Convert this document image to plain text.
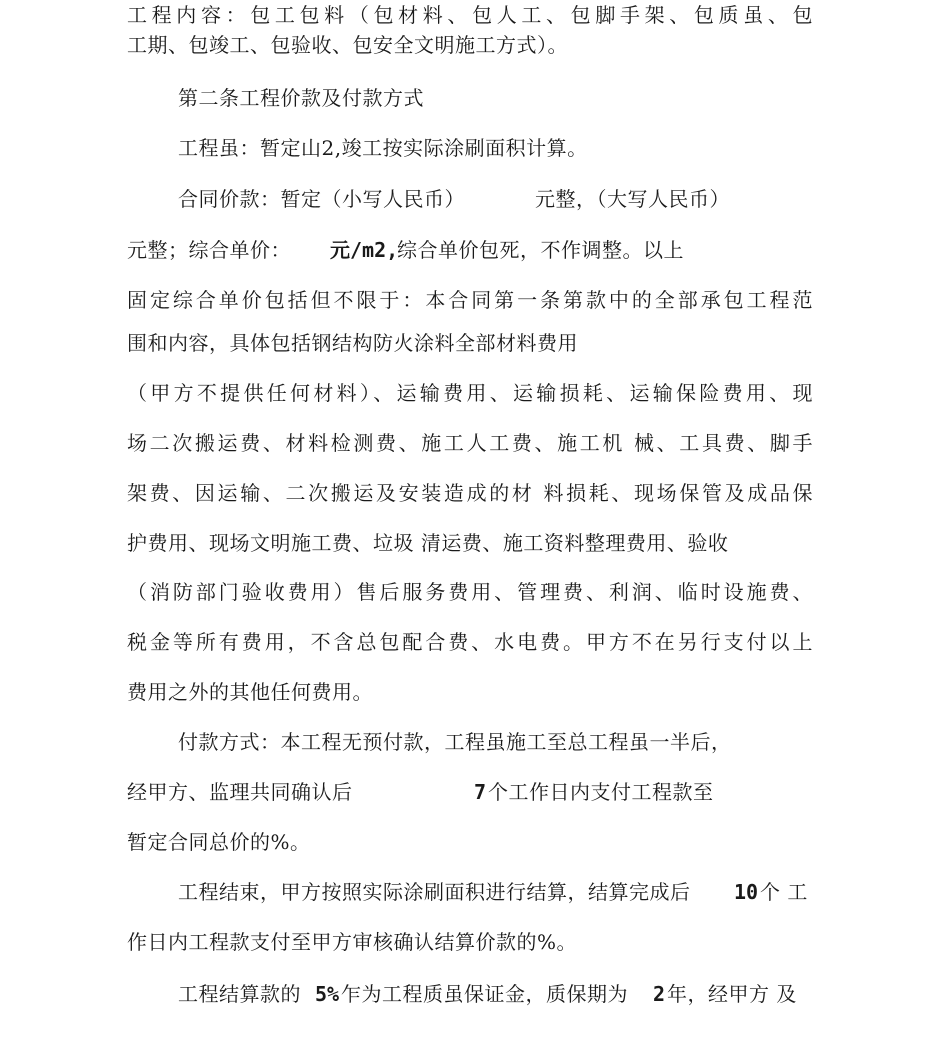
工程内容：包工包料（包材料、包人工、包脚手架、包质虽、包
工期、包竣工、包验收、包安全文明施工方式）。
第二条工程价款及付款方式
工程虽：暂定山2,竣工按实际涂刷面积计算。
合同价款：暂定（小写人民币）	元整，（大写人民币）
元整；综合单价： 元/m2,
综合单价包死，不作调整。以上
固定综合单价包括但不限于：本合同第一条第款中的全部承包工程范
围和内容，具体包括钢结构防火涂料全部材料费用
（甲方不提供任何材料）、运输费用、运输损耗、运输保险费用、现
场二次搬运费、材料检测费、施工人工费、施工机 械、工具费、脚手
架费、因运输、二次搬运及安装造成的材 料损耗、现场保管及成品保
护费用、现场文明施工费、垃圾 清运费、施工资料整理费用、验收
（消防部门验收费用）售后服务费用、管理费、利润、临时设施费、
税金等所有费用，不含总包配合费、水电费。甲方不在另行支付以上
费用之外的其他任何费用。
付款方式：本工程无预付款，工程虽施工至总工程虽一半后，
经甲方、监理共同确认后	7 个工作日内支付工程款至
暂定合同总价的%。
工程结束，甲方按照实际涂刷面积进行结算，结算完成后 10 个 工
作日内工程款支付至甲方审核确认结算价款的%。
工程结算款的 5% 乍为工程质虽保证金，质保期为 2 年，经甲方 及
